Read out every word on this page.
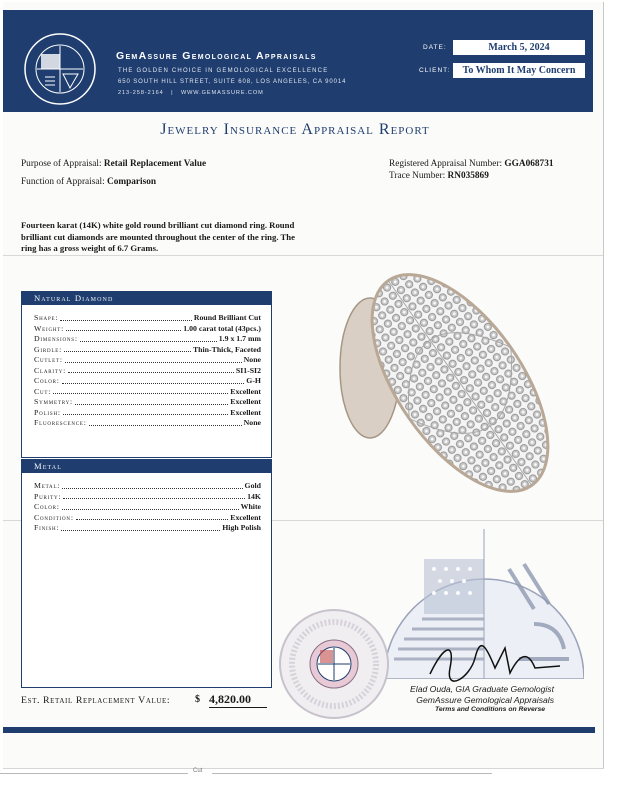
GemAssure Gemological Appraisals
THE GOLDEN CHOICE IN GEMOLOGICAL EXCELLENCE
650 SOUTH HILL STREET, SUITE 608, LOS ANGELES, CA 90014
213-258-2164 | WWW.GEMASSURE.COM
DATE:	March 5, 2024
CLIENT:	To Whom It May Concern
Jewelry Insurance Appraisal Report
Purpose of Appraisal: Retail Replacement Value
Function of Appraisal: Comparison
Registered Appraisal Number: GGA068731
Trace Number: RN035869
Fourteen karat (14K) white gold round brilliant cut diamond ring. Round brilliant cut diamonds are mounted throughout the center of the ring. The ring has a gross weight of 6.7 Grams.
Natural Diamond
Shape:	Round Brilliant Cut
Weight:	1.00 carat total (43pcs.)
Dimensions:	1.9 x 1.7 mm
Girdle:	Thin-Thick, Faceted
Cutlet:	None
Clarity:	SI1-SI2
Color:	G-H
Cut:	Excellent
Symmetry:	Excellent
Polish:	Excellent
Fluorescence:	None
Metal
Metal:	Gold
Purity:	14K
Color:	White
Condition:	Excellent
Finish:	High Polish
Elad Ouda, GIA Graduate Gemologist
GemAssure Gemological Appraisals
Terms and Conditions on Reverse
Est. Retail Replacement Value: $ 4,820.00
Cut
